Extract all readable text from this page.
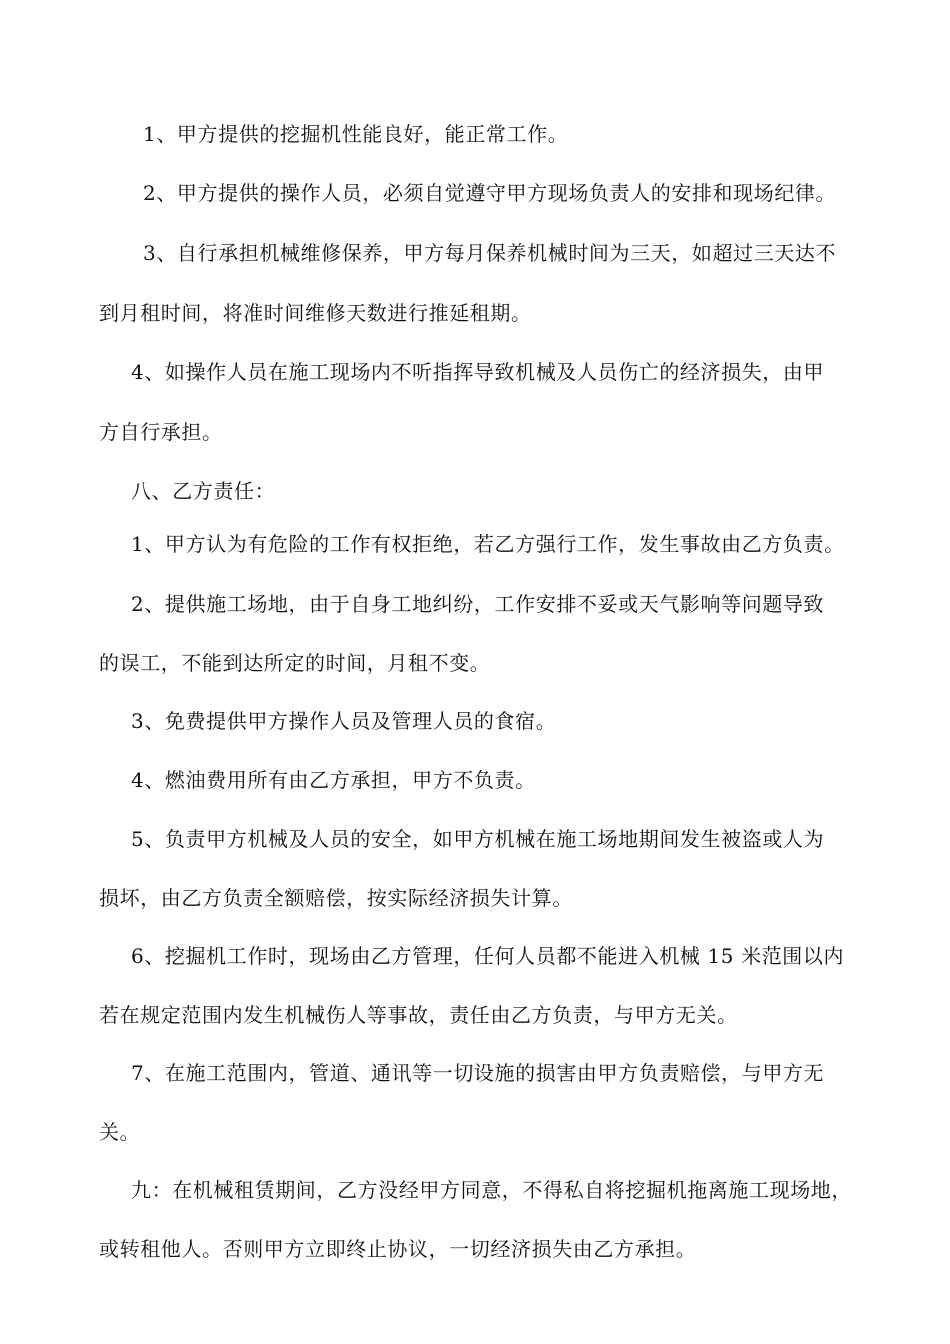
1、甲方提供的挖掘机性能良好，能正常工作。
2、甲方提供的操作人员，必须自觉遵守甲方现场负责人的安排和现场纪律。
3、自行承担机械维修保养，甲方每月保养机械时间为三天，如超过三天达不
到月租时间，将准时间维修天数进行推延租期。
4、如操作人员在施工现场内不听指挥导致机械及人员伤亡的经济损失，由甲
方自行承担。
八、乙方责任：
1、甲方认为有危险的工作有权拒绝，若乙方强行工作，发生事故由乙方负责。
2、提供施工场地，由于自身工地纠纷，工作安排不妥或天气影响等问题导致
的误工，不能到达所定的时间，月租不变。
3、免费提供甲方操作人员及管理人员的食宿。
4、燃油费用所有由乙方承担，甲方不负责。
5、负责甲方机械及人员的安全，如甲方机械在施工场地期间发生被盗或人为
损坏，由乙方负责全额赔偿，按实际经济损失计算。
6、挖掘机工作时，现场由乙方管理，任何人员都不能进入机械 15 米范围以内
若在规定范围内发生机械伤人等事故，责任由乙方负责，与甲方无关。
7、在施工范围内，管道、通讯等一切设施的损害由甲方负责赔偿，与甲方无
关。
九：在机械租赁期间，乙方没经甲方同意，不得私自将挖掘机拖离施工现场地，
或转租他人。否则甲方立即终止协议，一切经济损失由乙方承担。
